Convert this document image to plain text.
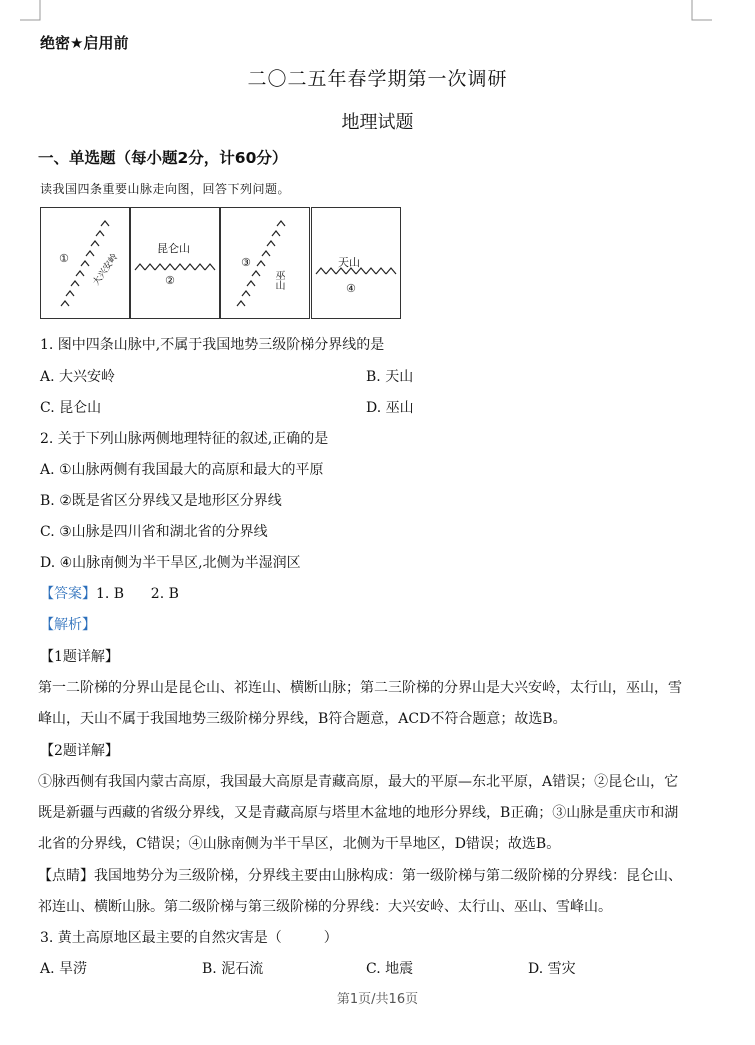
绝密★启用前
二〇二五年春学期第一次调研
地理试题
一、单选题（每小题2分，计60分）
读我国四条重要山脉走向图，回答下列问题。
①	大兴安岭
昆仑山
②
③
巫山
天山
④
1. 图中四条山脉中,不属于我国地势三级阶梯分界线的是
A. 大兴安岭	B. 天山
C. 昆仑山	D. 巫山
2. 关于下列山脉两侧地理特征的叙述,正确的是
A. ①山脉两侧有我国最大的高原和最大的平原
B. ②既是省区分界线又是地形区分界线
C. ③山脉是四川省和湖北省的分界线
D. ④山脉南侧为半干旱区,北侧为半湿润区
【答案】1. B      2. B
【解析】
【1题详解】
第一二阶梯的分界山是昆仑山、祁连山、横断山脉；第二三阶梯的分界山是大兴安岭，太行山，巫山，雪
峰山，天山不属于我国地势三级阶梯分界线，B符合题意，ACD不符合题意；故选B。
【2题详解】
①脉西侧有我国内蒙古高原，我国最大高原是青藏高原，最大的平原—东北平原，A错误；②昆仑山，它
既是新疆与西藏的省级分界线，又是青藏高原与塔里木盆地的地形分界线，B正确；③山脉是重庆市和湖
北省的分界线，C错误；④山脉南侧为半干旱区，北侧为干旱地区，D错误；故选B。
【点睛】我国地势分为三级阶梯，分界线主要由山脉构成：第一级阶梯与第二级阶梯的分界线：昆仑山、
祁连山、横断山脉。第二级阶梯与第三级阶梯的分界线：大兴安岭、太行山、巫山、雪峰山。
3. 黄土高原地区最主要的自然灾害是（　　　）
A. 旱涝	B. 泥石流	C. 地震	D. 雪灾
第1页/共16页
